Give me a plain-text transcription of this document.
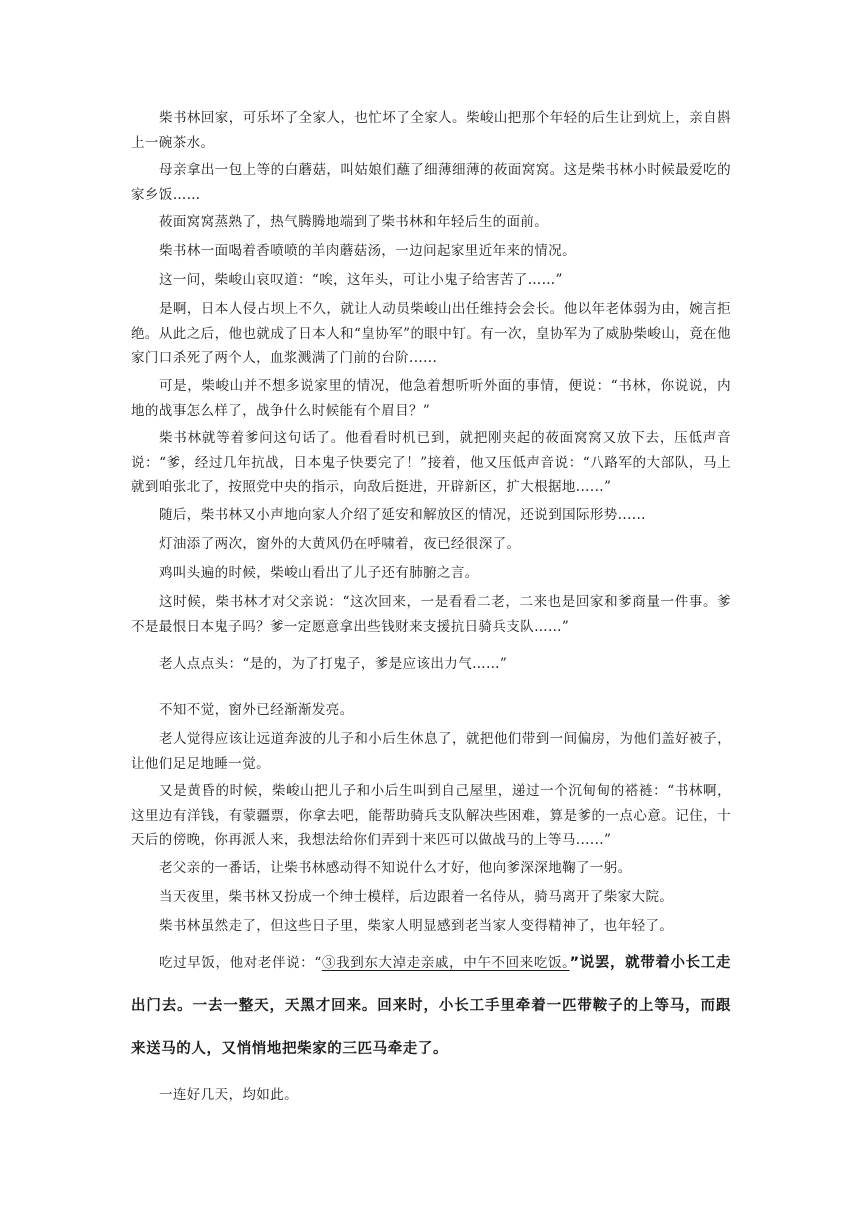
柴书林回家，可乐坏了全家人，也忙坏了全家人。柴峻山把那个年轻的后生让到炕上，亲自斟上一碗茶水。

母亲拿出一包上等的白蘑菇，叫姑娘们蘸了细薄细薄的莜面窝窝。这是柴书林小时候最爱吃的家乡饭……

莜面窝窝蒸熟了，热气腾腾地端到了柴书林和年轻后生的面前。

柴书林一面喝着香喷喷的羊肉蘑菇汤，一边问起家里近年来的情况。

这一问，柴峻山哀叹道：“唉，这年头，可让小鬼子给害苦了……”

是啊，日本人侵占坝上不久，就让人动员柴峻山出任维持会会长。他以年老体弱为由，婉言拒绝。从此之后，他也就成了日本人和“皇协军”的眼中钉。有一次，皇协军为了威胁柴峻山，竟在他家门口杀死了两个人，血浆溅满了门前的台阶......

可是，柴峻山并不想多说家里的情况，他急着想听听外面的事情，便说：“书林，你说说，内地的战事怎么样了，战争什么时候能有个眉目？”

柴书林就等着爹问这句话了。他看看时机已到，就把刚夹起的莜面窝窝又放下去，压低声音说：“爹，经过几年抗战，日本鬼子快要完了！”接着，他又压低声音说：“八路军的大部队，马上就到咱张北了，按照党中央的指示，向敌后挺进，开辟新区，扩大根据地......”

随后，柴书林又小声地向家人介绍了延安和解放区的情况，还说到国际形势......

灯油添了两次，窗外的大黄风仍在呼啸着，夜已经很深了。

鸡叫头遍的时候，柴峻山看出了儿子还有肺腑之言。

这时候，柴书林才对父亲说：“这次回来，一是看看二老，二来也是回家和爹商量一件事。爹不是最恨日本鬼子吗？爹一定愿意拿出些钱财来支援抗日骑兵支队……”

老人点点头：“是的，为了打鬼子，爹是应该出力气……”

不知不觉，窗外已经渐渐发亮。

老人觉得应该让远道奔波的儿子和小后生休息了，就把他们带到一间偏房，为他们盖好被子，让他们足足地睡一觉。

又是黄昏的时候，柴峻山把儿子和小后生叫到自己屋里，递过一个沉甸甸的褡裢：“书林啊，这里边有洋钱，有蒙疆票，你拿去吧，能帮助骑兵支队解决些困难，算是爹的一点心意。记住，十天后的傍晚，你再派人来，我想法给你们弄到十来匹可以做战马的上等马......”

老父亲的一番话，让柴书林感动得不知说什么才好，他向爹深深地鞠了一躬。

当天夜里，柴书林又扮成一个绅士模样，后边跟着一名侍从，骑马离开了柴家大院。

柴书林虽然走了，但这些日子里，柴家人明显感到老当家人变得精神了，也年轻了。

吃过早饭，他对老伴说：“③我到东大淖走亲戚，中午不回来吃饭。”说罢，就带着小长工走出门去。一去一整天，天黑才回来。回来时，小长工手里牵着一匹带鞍子的上等马，而跟来送马的人，又悄悄地把柴家的三匹马牵走了。

一连好几天，均如此。
